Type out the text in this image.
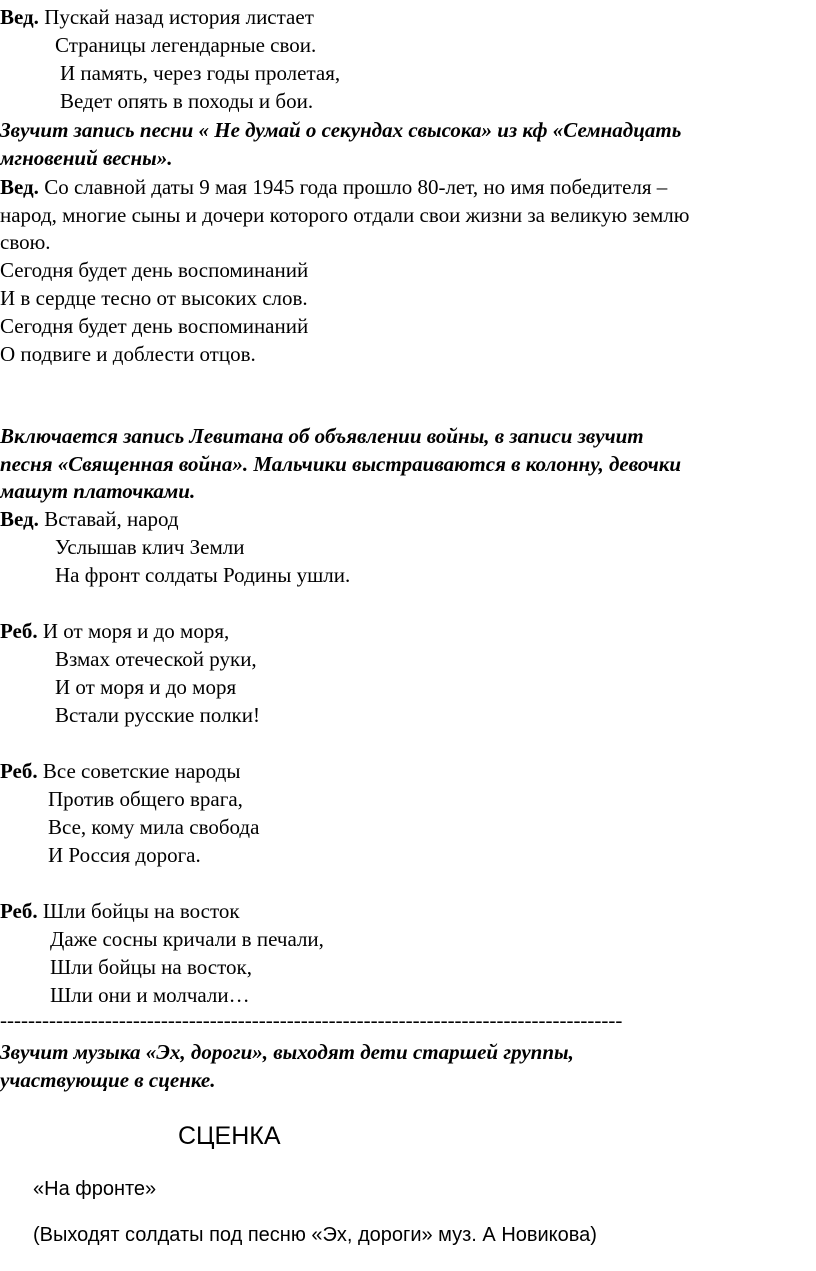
Вед. Пускай назад история листает
Страницы легендарные свои.
И память, через годы пролетая,
Ведет опять в походы и бои.
Звучит запись песни « Не думай о секундах свысока» из кф «Семнадцать
мгновений весны».
Вед. Со славной даты 9 мая 1945 года прошло 80-лет, но имя победителя –
народ, многие сыны и дочери которого отдали свои жизни за великую землю
свою.
Сегодня будет день воспоминаний
И в сердце тесно от высоких слов.
Сегодня будет день воспоминаний
О подвиге и доблести отцов.
Включается запись Левитана об объявлении войны, в записи звучит
песня «Священная война». Мальчики выстраиваются в колонну, девочки
машут платочками.
Вед. Вставай, народ
Услышав клич Земли
На фронт солдаты Родины ушли.
Реб. И от моря и до моря,
Взмах отеческой руки,
И от моря и до моря
Встали русские полки!
Реб. Все советские народы
Против общего врага,
Все, кому мила свобода
И Россия дорога.
Реб. Шли бойцы на восток
Даже сосны кричали в печали,
Шли бойцы на восток,
Шли они и молчали…
-----------------------------------------------------------------------------------------
Звучит музыка «Эх, дороги», выходят дети старшей группы,
участвующие в сценке.
СЦЕНКА
«На фронте»
(Выходят солдаты под песню «Эх, дороги» муз. А Новикова)
